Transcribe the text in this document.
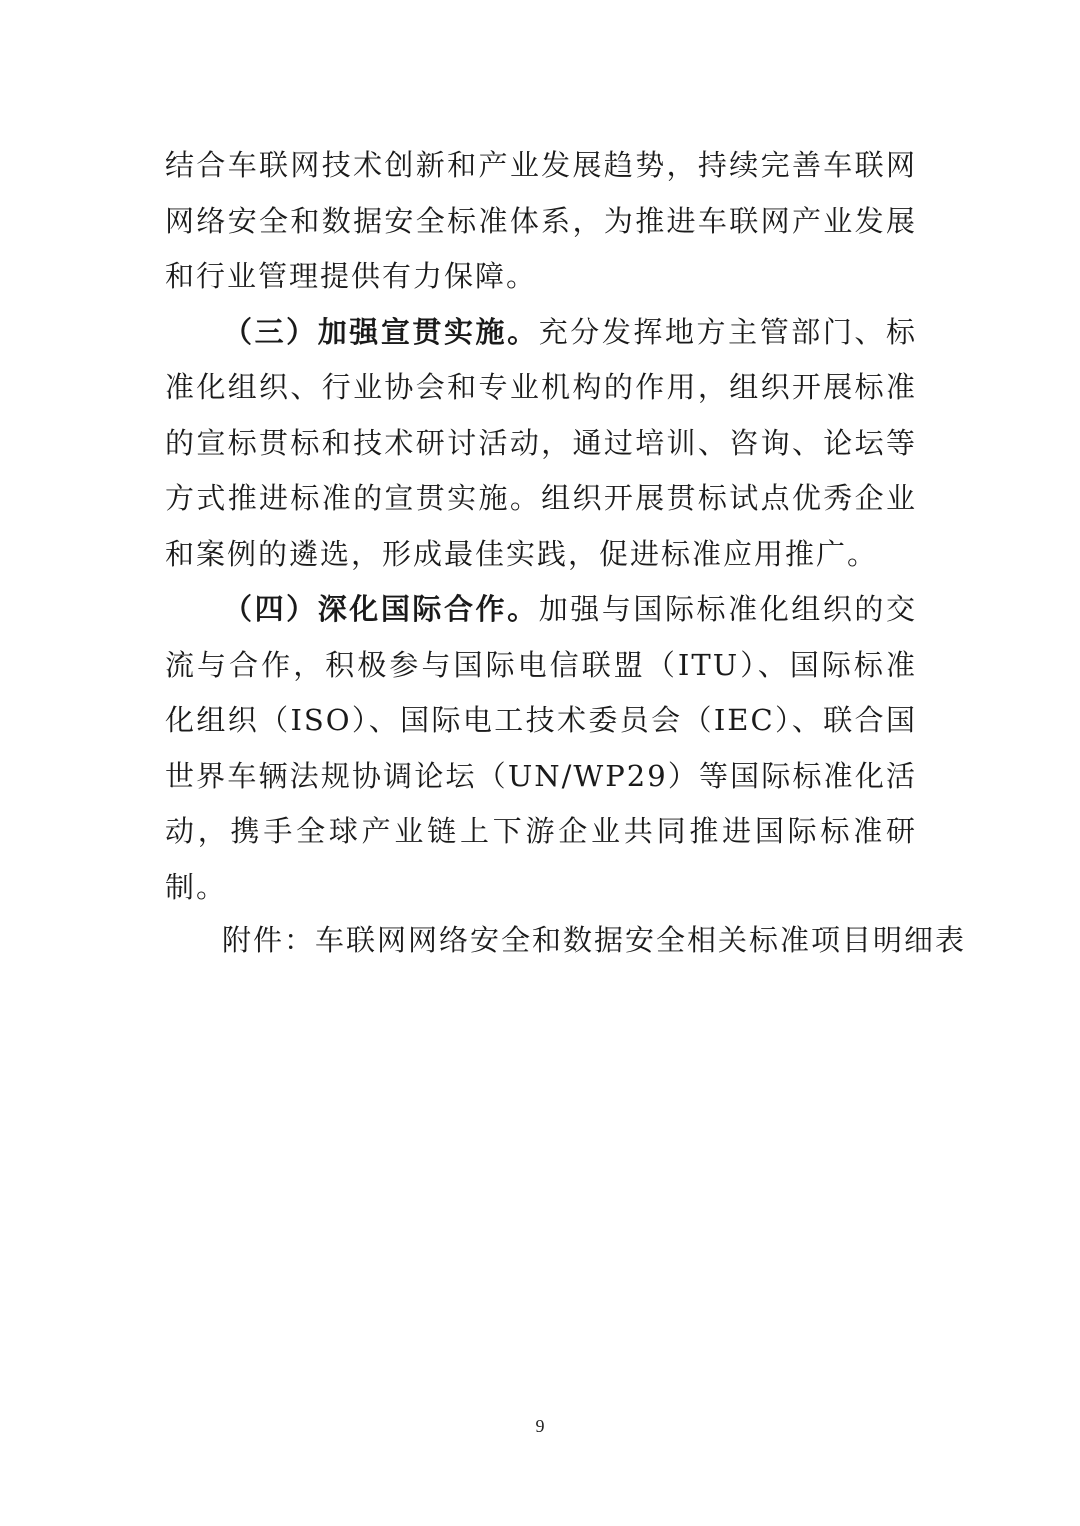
结合车联网技术创新和产业发展趋势，持续完善车联网网络安全和数据安全标准体系，为推进车联网产业发展和行业管理提供有力保障。

（三）加强宣贯实施。充分发挥地方主管部门、标准化组织、行业协会和专业机构的作用，组织开展标准的宣标贯标和技术研讨活动，通过培训、咨询、论坛等方式推进标准的宣贯实施。组织开展贯标试点优秀企业和案例的遴选，形成最佳实践，促进标准应用推广。

（四）深化国际合作。加强与国际标准化组织的交流与合作，积极参与国际电信联盟（ITU）、国际标准化组织（ISO）、国际电工技术委员会（IEC）、联合国世界车辆法规协调论坛（UN/WP29）等国际标准化活动，携手全球产业链上下游企业共同推进国际标准研制。

附件：车联网网络安全和数据安全相关标准项目明细表
9
